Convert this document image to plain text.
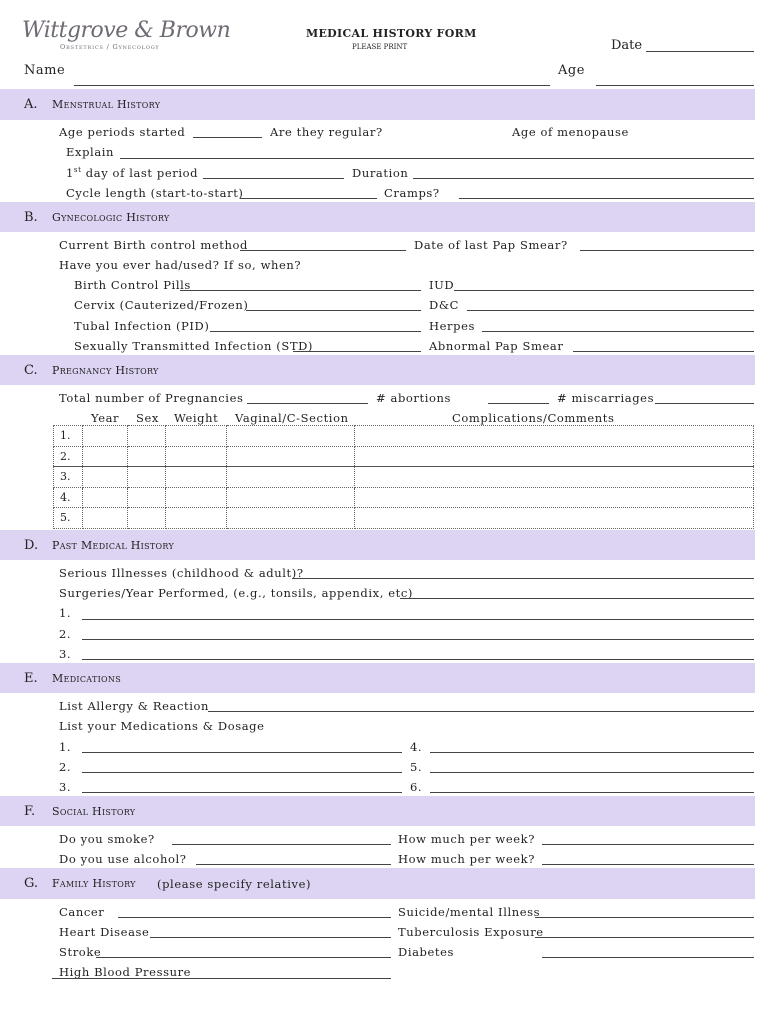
Wittgrove & Brown
Obstetrics / Gynecology
MEDICAL HISTORY FORM
PLEASE PRINT	Date
Name	Age
A. Menstrual History
Age periods started	Are they regular?	Age of menopause
Explain
1st day of last period	Duration
Cycle length (start-to-start)	Cramps?
B. Gynecologic History
Current Birth control method	Date of last Pap Smear?
Have you ever had/used? If so, when?
Birth Control Pills	IUD
Cervix (Cauterized/Frozen)	D&C
Tubal Infection (PID)	Herpes
Sexually Transmitted Infection (STD)	Abnormal Pap Smear
C. Pregnancy History
Total number of Pregnancies	# abortions	# miscarriages
Year Sex Weight Vaginal/C-Section	Complications/Comments
1.					
2.					
3.					
4.					
5.					
D. Past Medical History
Serious Illnesses (childhood & adult)?
Surgeries/Year Performed, (e.g., tonsils, appendix, etc)
1.
2.
3.
E. Medications
List Allergy & Reaction
List your Medications & Dosage
1.	4.
2.	5.
3.	6.
F. Social History
Do you smoke?	How much per week?
Do you use alcohol?	How much per week?
G. Family History (please specify relative)
Cancer	Suicide/mental Illness
Heart Disease	Tuberculosis Exposure
Stroke	Diabetes
High Blood Pressure
